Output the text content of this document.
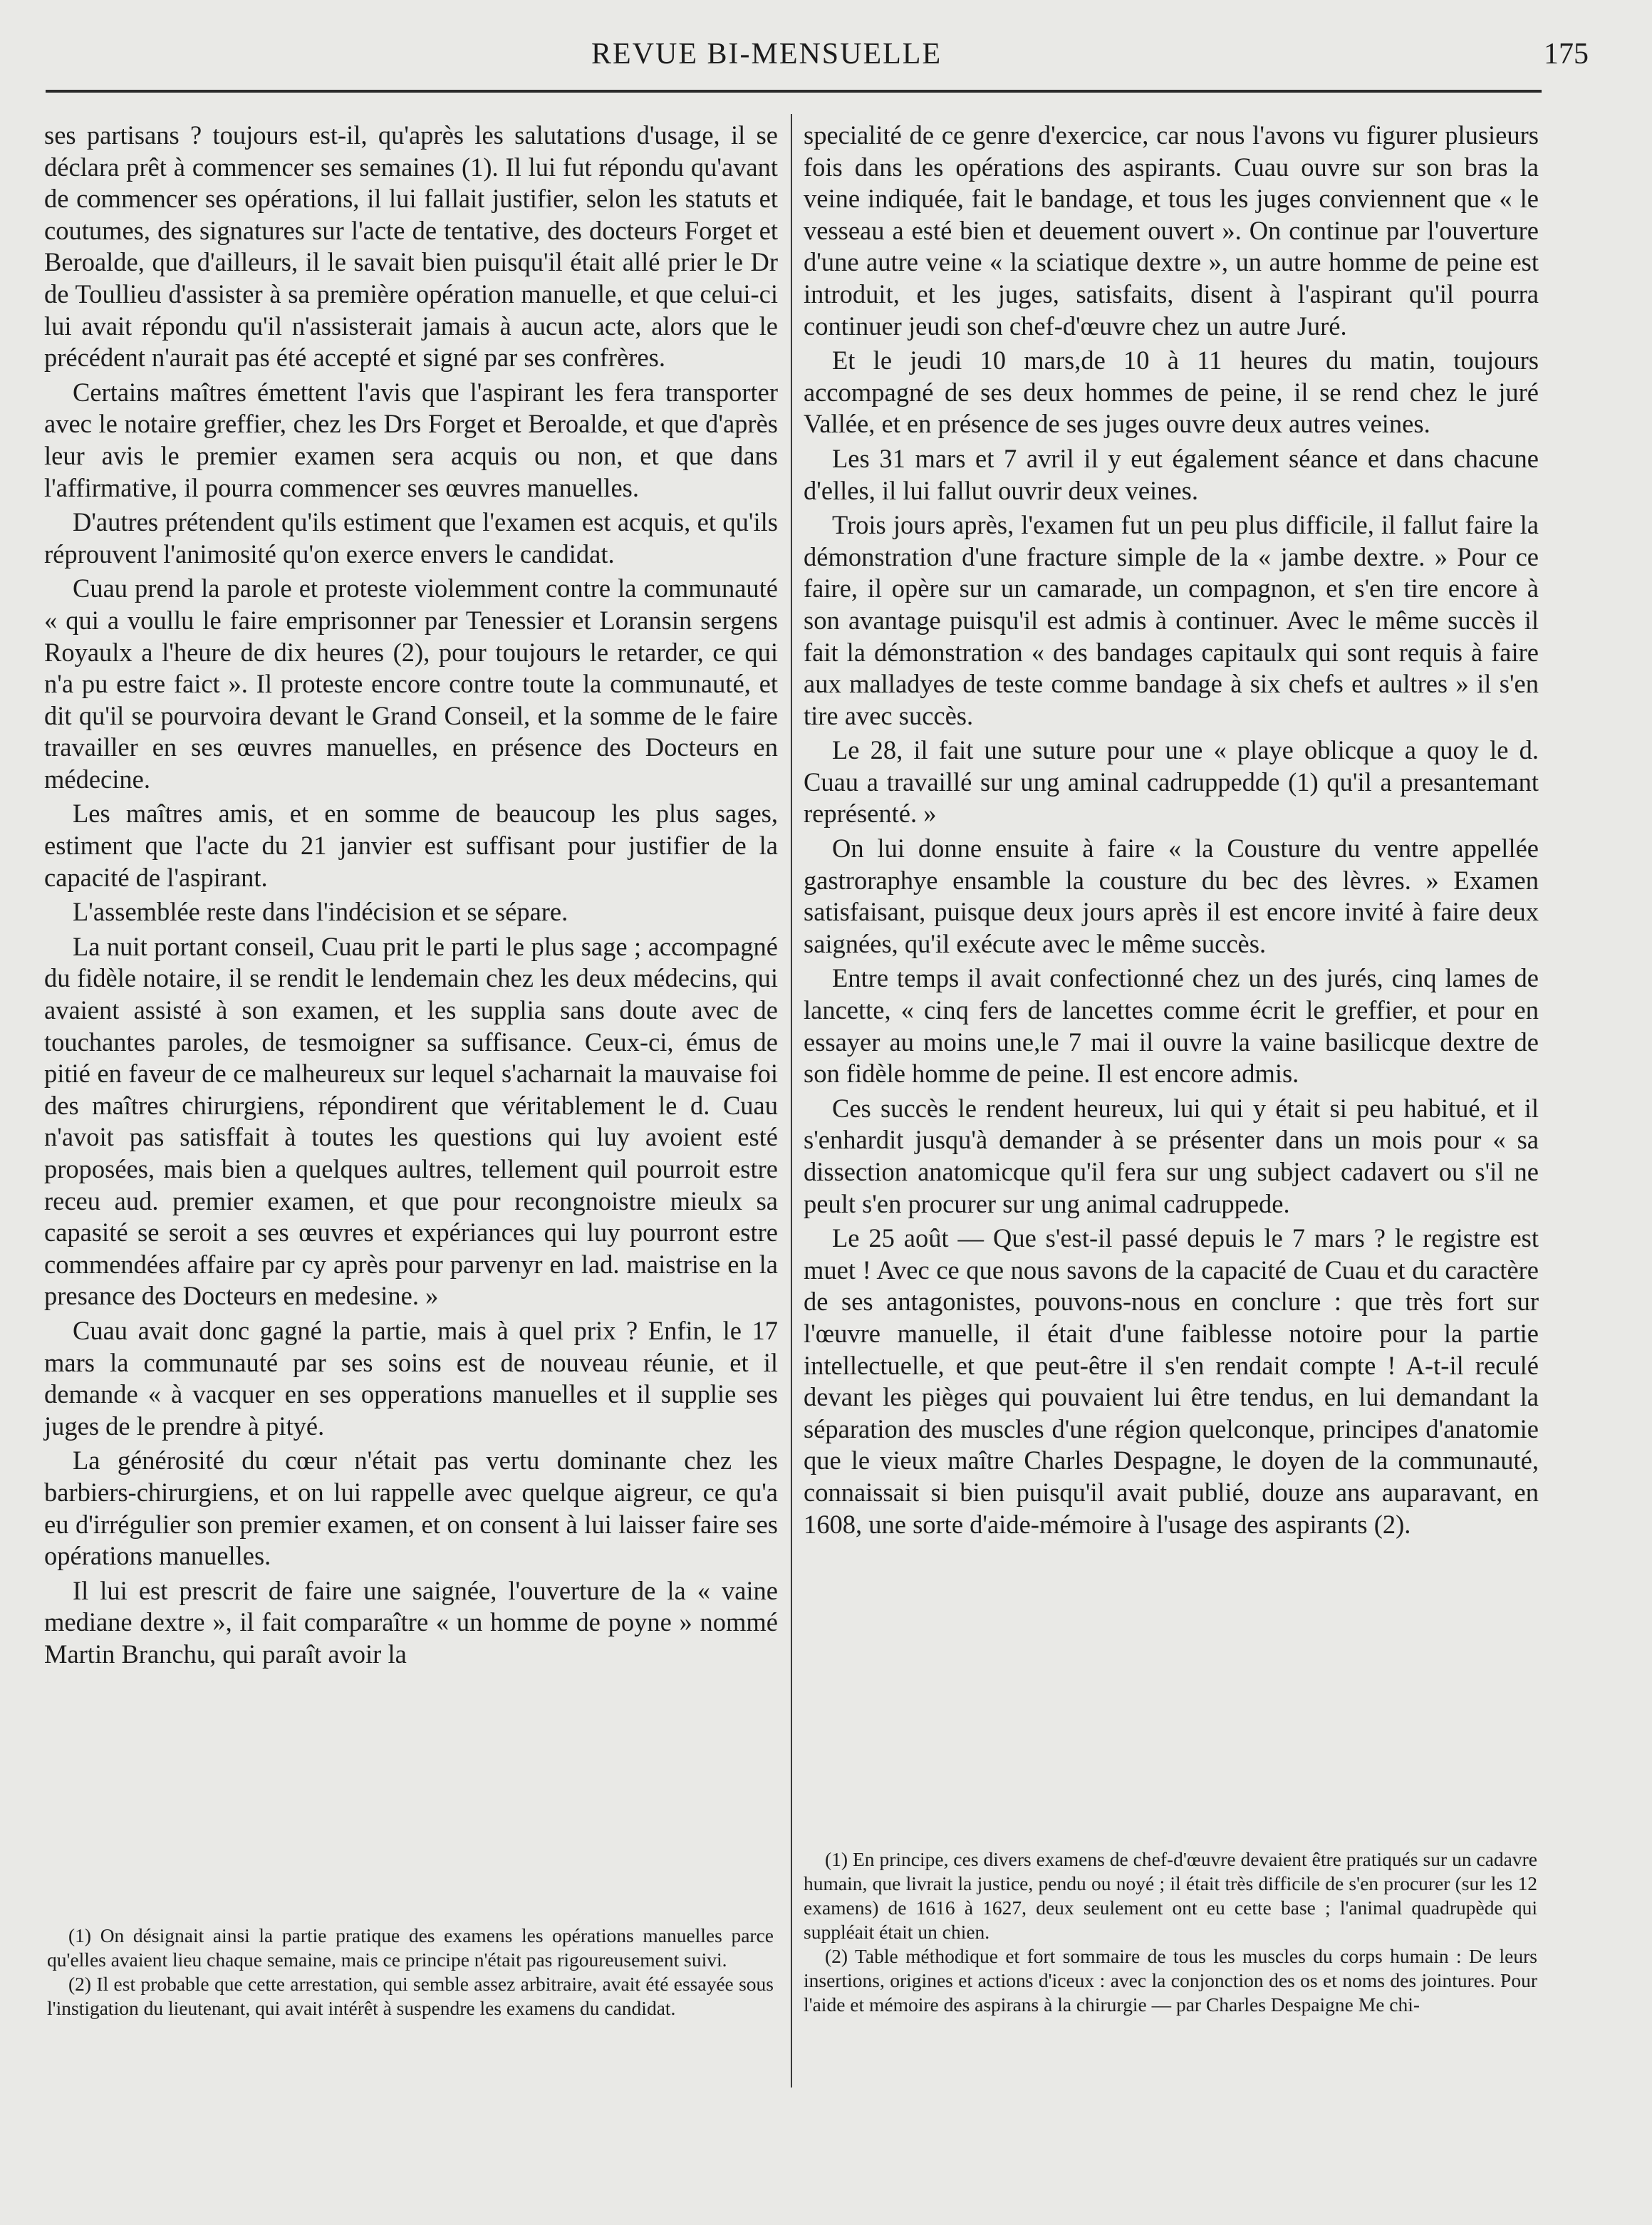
REVUE BI-MENSUELLE	175

ses partisans ? toujours est-il, qu'après les salutations d'usage, il se déclara prêt à commencer ses semaines (1). Il lui fut répondu qu'avant de commencer ses opérations, il lui fallait justifier, selon les statuts et coutumes, des signatures sur l'acte de tentative, des docteurs Forget et Beroalde, que d'ailleurs, il le savait bien puisqu'il était allé prier le Dr de Toullieu d'assister à sa première opération manuelle, et que celui-ci lui avait répondu qu'il n'assisterait jamais à aucun acte, alors que le précédent n'aurait pas été accepté et signé par ses confrères.

Certains maîtres émettent l'avis que l'aspirant les fera transporter avec le notaire greffier, chez les Drs Forget et Beroalde, et que d'après leur avis le premier examen sera acquis ou non, et que dans l'affirmative, il pourra commencer ses œuvres manuelles.

D'autres prétendent qu'ils estiment que l'examen est acquis, et qu'ils réprouvent l'animosité qu'on exerce envers le candidat.

Cuau prend la parole et proteste violemment contre la communauté « qui a voullu le faire emprisonner par Tenessier et Loransin sergens Royaulx a l'heure de dix heures (2), pour toujours le retarder, ce qui n'a pu estre faict ». Il proteste encore contre toute la communauté, et dit qu'il se pourvoira devant le Grand Conseil, et la somme de le faire travailler en ses œuvres manuelles, en présence des Docteurs en médecine.

Les maîtres amis, et en somme de beaucoup les plus sages, estiment que l'acte du 21 janvier est suffisant pour justifier de la capacité de l'aspirant.

L'assemblée reste dans l'indécision et se sépare.

La nuit portant conseil, Cuau prit le parti le plus sage ; accompagné du fidèle notaire, il se rendit le lendemain chez les deux médecins, qui avaient assisté à son examen, et les supplia sans doute avec de touchantes paroles, de tesmoigner sa suffisance. Ceux-ci, émus de pitié en faveur de ce malheureux sur lequel s'acharnait la mauvaise foi des maîtres chirurgiens, répondirent que véritablement le d. Cuau n'avoit pas satisffait à toutes les questions qui luy avoient esté proposées, mais bien a quelques aultres, tellement quil pourroit estre receu aud. premier examen, et que pour recongnoistre mieulx sa capasité se seroit a ses œuvres et expériances qui luy pourront estre commendées affaire par cy après pour parvenyr en lad. maistrise en la presance des Docteurs en medesine. »

Cuau avait donc gagné la partie, mais à quel prix ? Enfin, le 17 mars la communauté par ses soins est de nouveau réunie, et il demande « à vacquer en ses opperations manuelles et il supplie ses juges de le prendre à pityé.

La générosité du cœur n'était pas vertu dominante chez les barbiers-chirurgiens, et on lui rappelle avec quelque aigreur, ce qu'a eu d'irrégulier son premier examen, et on consent à lui laisser faire ses opérations manuelles.

Il lui est prescrit de faire une saignée, l'ouverture de la « vaine mediane dextre », il fait comparaître « un homme de poyne » nommé Martin Branchu, qui paraît avoir la

specialité de ce genre d'exercice, car nous l'avons vu figurer plusieurs fois dans les opérations des aspirants. Cuau ouvre sur son bras la veine indiquée, fait le bandage, et tous les juges conviennent que « le vesseau a esté bien et deuement ouvert ». On continue par l'ouverture d'une autre veine « la sciatique dextre », un autre homme de peine est introduit, et les juges, satisfaits, disent à l'aspirant qu'il pourra continuer jeudi son chef-d'œuvre chez un autre Juré.

Et le jeudi 10 mars,de 10 à 11 heures du matin, toujours accompagné de ses deux hommes de peine, il se rend chez le juré Vallée, et en présence de ses juges ouvre deux autres veines.

Les 31 mars et 7 avril il y eut également séance et dans chacune d'elles, il lui fallut ouvrir deux veines.

Trois jours après, l'examen fut un peu plus difficile, il fallut faire la démonstration d'une fracture simple de la « jambe dextre. » Pour ce faire, il opère sur un camarade, un compagnon, et s'en tire encore à son avantage puisqu'il est admis à continuer. Avec le même succès il fait la démonstration « des bandages capitaulx qui sont requis à faire aux malladyes de teste comme bandage à six chefs et aultres » il s'en tire avec succès.

Le 28, il fait une suture pour une « playe oblicque a quoy le d. Cuau a travaillé sur ung aminal cadruppedde (1) qu'il a presantemant représenté. »

On lui donne ensuite à faire « la Cousture du ventre appellée gastroraphye ensamble la cousture du bec des lèvres. » Examen satisfaisant, puisque deux jours après il est encore invité à faire deux saignées, qu'il exécute avec le même succès.

Entre temps il avait confectionné chez un des jurés, cinq lames de lancette, « cinq fers de lancettes comme écrit le greffier, et pour en essayer au moins une,le 7 mai il ouvre la vaine basilicque dextre de son fidèle homme de peine. Il est encore admis.

Ces succès le rendent heureux, lui qui y était si peu habitué, et il s'enhardit jusqu'à demander à se présenter dans un mois pour « sa dissection anatomicque qu'il fera sur ung subject cadavert ou s'il ne peult s'en procurer sur ung animal cadruppede.

Le 25 août — Que s'est-il passé depuis le 7 mars ? le registre est muet ! Avec ce que nous savons de la capacité de Cuau et du caractère de ses antagonistes, pouvons-nous en conclure : que très fort sur l'œuvre manuelle, il était d'une faiblesse notoire pour la partie intellectuelle, et que peut-être il s'en rendait compte ! A-t-il reculé devant les pièges qui pouvaient lui être tendus, en lui demandant la séparation des muscles d'une région quelconque, principes d'anatomie que le vieux maître Charles Despagne, le doyen de la communauté, connaissait si bien puisqu'il avait publié, douze ans auparavant, en 1608, une sorte d'aide-mémoire à l'usage des aspirants (2).

(1) On désignait ainsi la partie pratique des examens les opérations manuelles parce qu'elles avaient lieu chaque semaine, mais ce principe n'était pas rigoureusement suivi.

(2) Il est probable que cette arrestation, qui semble assez arbitraire, avait été essayée sous l'instigation du lieutenant, qui avait intérêt à suspendre les examens du candidat.

(1) En principe, ces divers examens de chef-d'œuvre devaient être pratiqués sur un cadavre humain, que livrait la justice, pendu ou noyé ; il était très difficile de s'en procurer (sur les 12 examens) de 1616 à 1627, deux seulement ont eu cette base ; l'animal quadrupède qui suppléait était un chien.

(2) Table méthodique et fort sommaire de tous les muscles du corps humain : De leurs insertions, origines et actions d'iceux : avec la conjonction des os et noms des jointures. Pour l'aide et mémoire des aspirans à la chirurgie — par Charles Despaigne Me chi-
